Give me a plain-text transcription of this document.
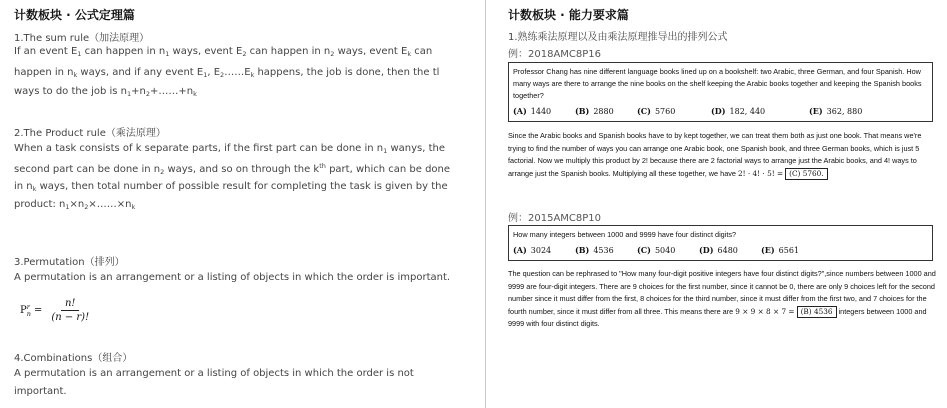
计数板块 · 公式定理篇
1.The sum rule（加法原理）
If an event $E_1$ can happen in $n_1$ ways, event $E_2$ can happen in $n_2$ ways, event $E_k$ can
happen in $n_k$ ways, and if any event $E_1$, $E_2\dots\dots E_k$ happens, the job is done, then the tl
ways to do the job is $n_1+n_2+\dots\dots+n_k$
2.The Product rule（乘法原理）
When a task consists of k separate parts, if the first part can be done in $n_1$ wanys, the
second part can be done in $n_2$ ways, and so on through the $k^{th}$ part, which can be done
in $n_k$ ways, then total number of possible result for completing the task is given by the
product: $n_1\times n_2\times\dots\dots\times n_k$
3.Permutation（排列）
A permutation is an arrangement or a listing of objects in which the order is important.
P r
$n = \frac{n!}{(n - r)!}$
4.Combinations（组合）
A permutation is an arrangement or a listing of objects in which the order is not
important.
计数板块 · 能力要求篇
1.熟练乘法原理以及由乘法原理推导出的排列公式
例：2018AMC8P16
Professor Chang has nine different language books lined up on a bookshelf: two Arabic, three German, and four Spanish. How many ways are there to arrange the nine books on the shelf keeping the Arabic books together and keeping the Spanish books together?
(A) 1440	(B) 2880	(C) 5760	(D) 182, 440	(E) 362, 880
Since the Arabic books and Spanish books have to by kept together, we can treat them both as just one book. That means we're trying to find the number of ways you can arrange one Arabic book, one Spanish book, and three German books, which is just 5 factorial. Now we multiply this product by 2! because there are 2 factorial ways to arrange just the Arabic books, and 4! ways to arrange just the Spanish books. Multiplying all these together, we have 2! · 4! · 5! = (C) 5760.
例：2015AMC8P10
How many integers between 1000 and 9999 have four distinct digits?
(A) 3024	(B) 4536	(C) 5040	(D) 6480	(E) 6561
The question can be rephrased to "How many four-digit positive integers have four distinct digits?",since numbers between 1000 and 9999 are four-digit integers. There are 9 choices for the first number, since it cannot be 0, there are only 9 choices left for the second number since it must differ from the first, 8 choices for the third number, since it must differ from the first two, and 7 choices for the fourth number, since it must differ from all three. This means there are 9 × 9 × 8 × 7 = (B) 4536 integers between 1000 and 9999 with four distinct digits.
